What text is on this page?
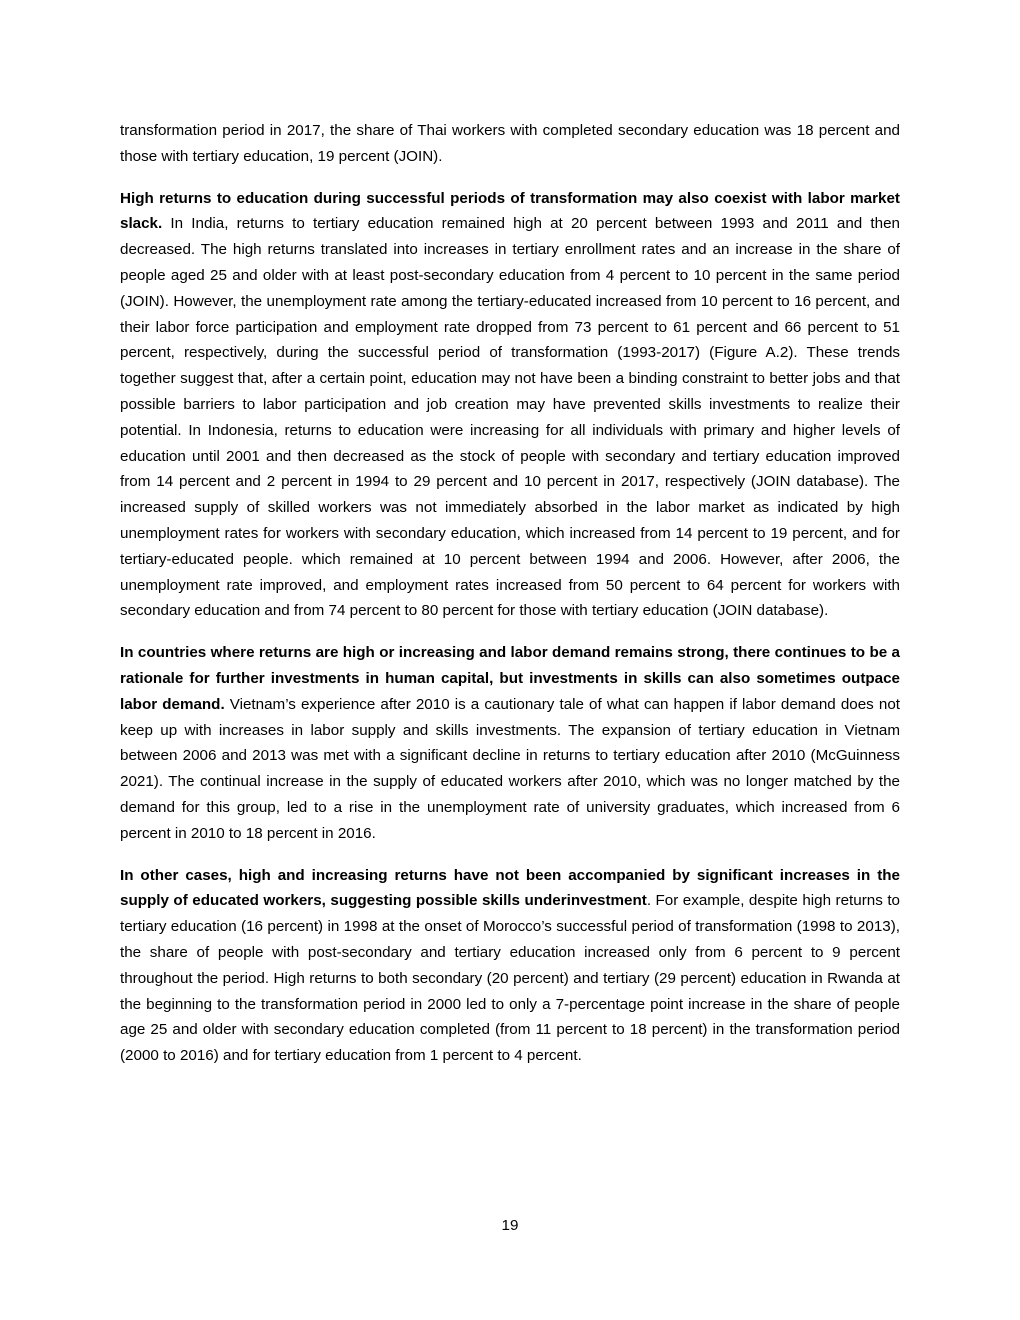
transformation period in 2017, the share of Thai workers with completed secondary education was 18 percent and those with tertiary education, 19 percent (JOIN).

High returns to education during successful periods of transformation may also coexist with labor market slack. In India, returns to tertiary education remained high at 20 percent between 1993 and 2011 and then decreased. The high returns translated into increases in tertiary enrollment rates and an increase in the share of people aged 25 and older with at least post-secondary education from 4 percent to 10 percent in the same period (JOIN). However, the unemployment rate among the tertiary-educated increased from 10 percent to 16 percent, and their labor force participation and employment rate dropped from 73 percent to 61 percent and 66 percent to 51 percent, respectively, during the successful period of transformation (1993-2017) (Figure A.2). These trends together suggest that, after a certain point, education may not have been a binding constraint to better jobs and that possible barriers to labor participation and job creation may have prevented skills investments to realize their potential. In Indonesia, returns to education were increasing for all individuals with primary and higher levels of education until 2001 and then decreased as the stock of people with secondary and tertiary education improved from 14 percent and 2 percent in 1994 to 29 percent and 10 percent in 2017, respectively (JOIN database). The increased supply of skilled workers was not immediately absorbed in the labor market as indicated by high unemployment rates for workers with secondary education, which increased from 14 percent to 19 percent, and for tertiary-educated people. which remained at 10 percent between 1994 and 2006. However, after 2006, the unemployment rate improved, and employment rates increased from 50 percent to 64 percent for workers with secondary education and from 74 percent to 80 percent for those with tertiary education (JOIN database).

In countries where returns are high or increasing and labor demand remains strong, there continues to be a rationale for further investments in human capital, but investments in skills can also sometimes outpace labor demand. Vietnam’s experience after 2010 is a cautionary tale of what can happen if labor demand does not keep up with increases in labor supply and skills investments. The expansion of tertiary education in Vietnam between 2006 and 2013 was met with a significant decline in returns to tertiary education after 2010 (McGuinness 2021). The continual increase in the supply of educated workers after 2010, which was no longer matched by the demand for this group, led to a rise in the unemployment rate of university graduates, which increased from 6 percent in 2010 to 18 percent in 2016.

In other cases, high and increasing returns have not been accompanied by significant increases in the supply of educated workers, suggesting possible skills underinvestment. For example, despite high returns to tertiary education (16 percent) in 1998 at the onset of Morocco’s successful period of transformation (1998 to 2013), the share of people with post-secondary and tertiary education increased only from 6 percent to 9 percent throughout the period. High returns to both secondary (20 percent) and tertiary (29 percent) education in Rwanda at the beginning to the transformation period in 2000 led to only a 7-percentage point increase in the share of people age 25 and older with secondary education completed (from 11 percent to 18 percent) in the transformation period (2000 to 2016) and for tertiary education from 1 percent to 4 percent.

19
